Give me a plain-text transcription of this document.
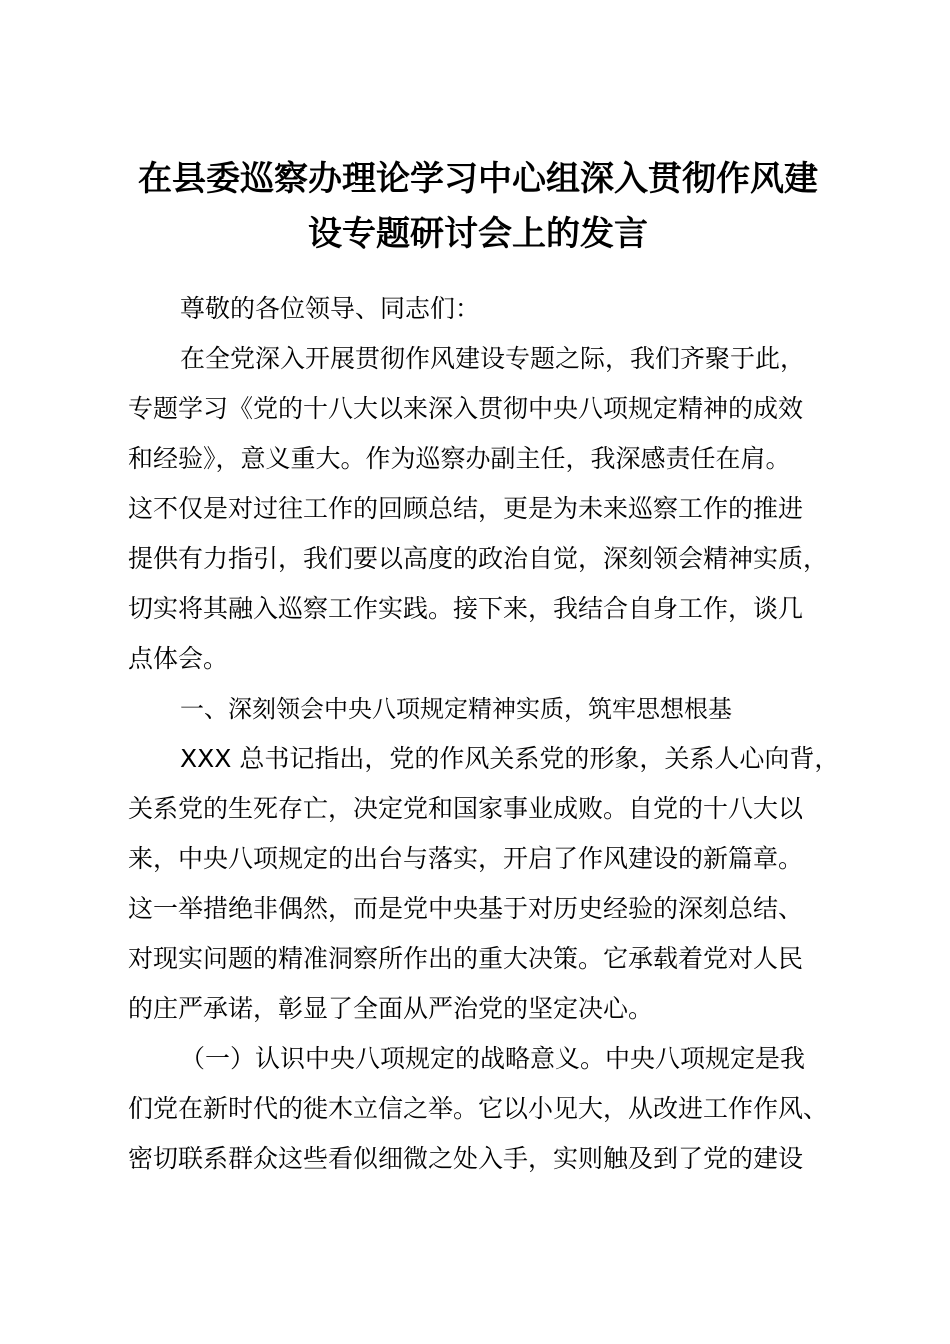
在县委巡察办理论学习中心组深入贯彻作风建
设专题研讨会上的发言
尊敬的各位领导、同志们：
在全党深入开展贯彻作风建设专题之际，我们齐聚于此，
专题学习《党的十八大以来深入贯彻中央八项规定精神的成效
和经验》，意义重大。作为巡察办副主任，我深感责任在肩。
这不仅是对过往工作的回顾总结，更是为未来巡察工作的推进
提供有力指引，我们要以高度的政治自觉，深刻领会精神实质，
切实将其融入巡察工作实践。接下来，我结合自身工作，谈几
点体会。
一、深刻领会中央八项规定精神实质，筑牢思想根基
XXX 总书记指出，党的作风关系党的形象，关系人心向背，
关系党的生死存亡，决定党和国家事业成败。自党的十八大以
来，中央八项规定的出台与落实，开启了作风建设的新篇章。
这一举措绝非偶然，而是党中央基于对历史经验的深刻总结、
对现实问题的精准洞察所作出的重大决策。它承载着党对人民
的庄严承诺，彰显了全面从严治党的坚定决心。
（一）认识中央八项规定的战略意义。中央八项规定是我
们党在新时代的徙木立信之举。它以小见大，从改进工作作风、
密切联系群众这些看似细微之处入手，实则触及到了党的建设
